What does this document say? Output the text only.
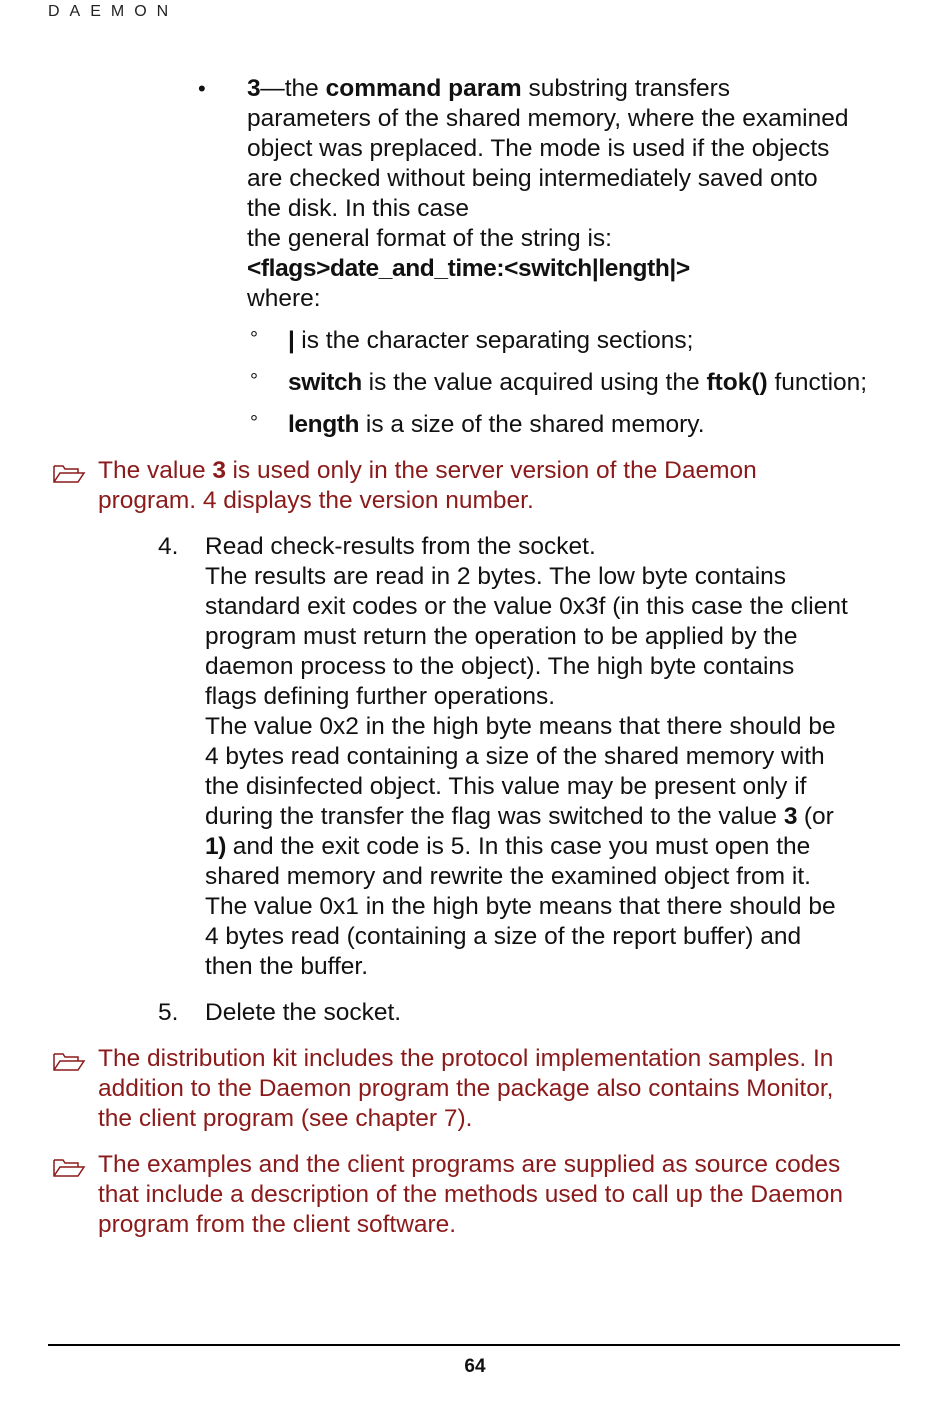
DAEMON
• 3—the command param substring transfers
parameters of the shared memory, where the examined
object was preplaced. The mode is used if the objects
are checked without being intermediately saved onto
the disk. In this case
the general format of the string is:
<flags>date_and_time:<switch|length|>
where:
° | is the character separating sections;
° switch is the value acquired using the ftok() function;
° length is a size of the shared memory.
The value 3 is used only in the server version of the Daemon
program. 4 displays the version number.
4. Read check-results from the socket.
The results are read in 2 bytes. The low byte contains
standard exit codes or the value 0x3f (in this case the client
program must return the operation to be applied by the
daemon process to the object). The high byte contains
flags defining further operations.
The value 0x2 in the high byte means that there should be
4 bytes read containing a size of the shared memory with
the disinfected object. This value may be present only if
during the transfer the flag was switched to the value 3 (or
1) and the exit code is 5. In this case you must open the
shared memory and rewrite the examined object from it.
The value 0x1 in the high byte means that there should be
4 bytes read (containing a size of the report buffer) and
then the buffer.
5. Delete the socket.
The distribution kit includes the protocol implementation samples. In
addition to the Daemon program the package also contains Monitor,
the client program (see chapter 7).
The examples and the client programs are supplied as source codes
that include a description of the methods used to call up the Daemon
program from the client software.
64
